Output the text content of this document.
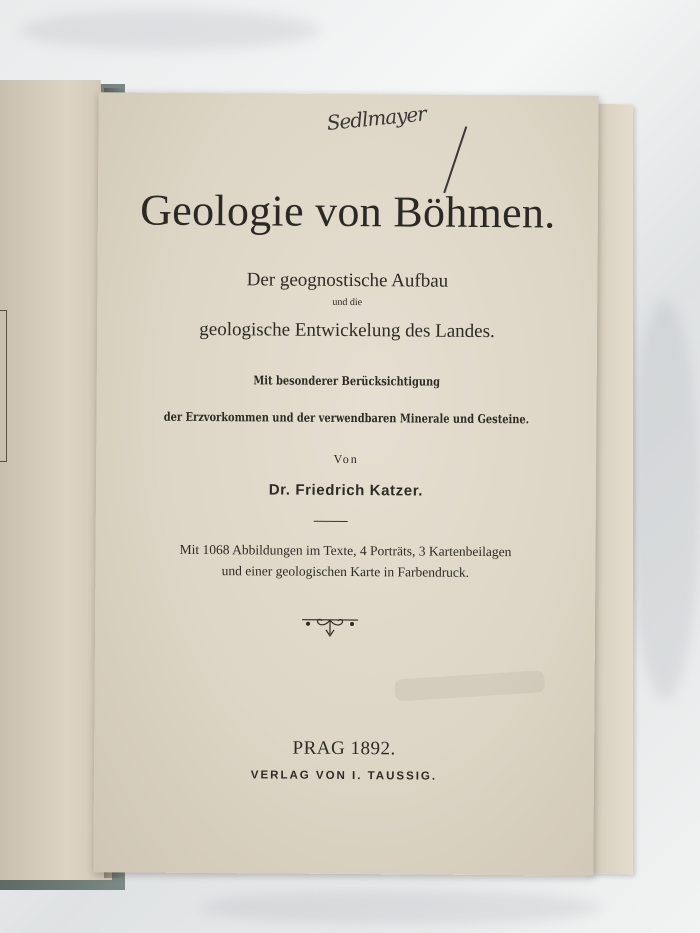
Sedlmayer

Geologie von Böhmen.

Der geognostische Aufbau

und die

geologische Entwickelung des Landes.

Mit besonderer Berücksichtigung

der Erzvorkommen und der verwendbaren Minerale und Gesteine.

Von

Dr. Friedrich Katzer.

Mit 1068 Abbildungen im Texte, 4 Porträts, 3 Kartenbeilagen

und einer geologischen Karte in Farbendruck.

PRAG 1892.

VERLAG VON I. TAUSSIG.
